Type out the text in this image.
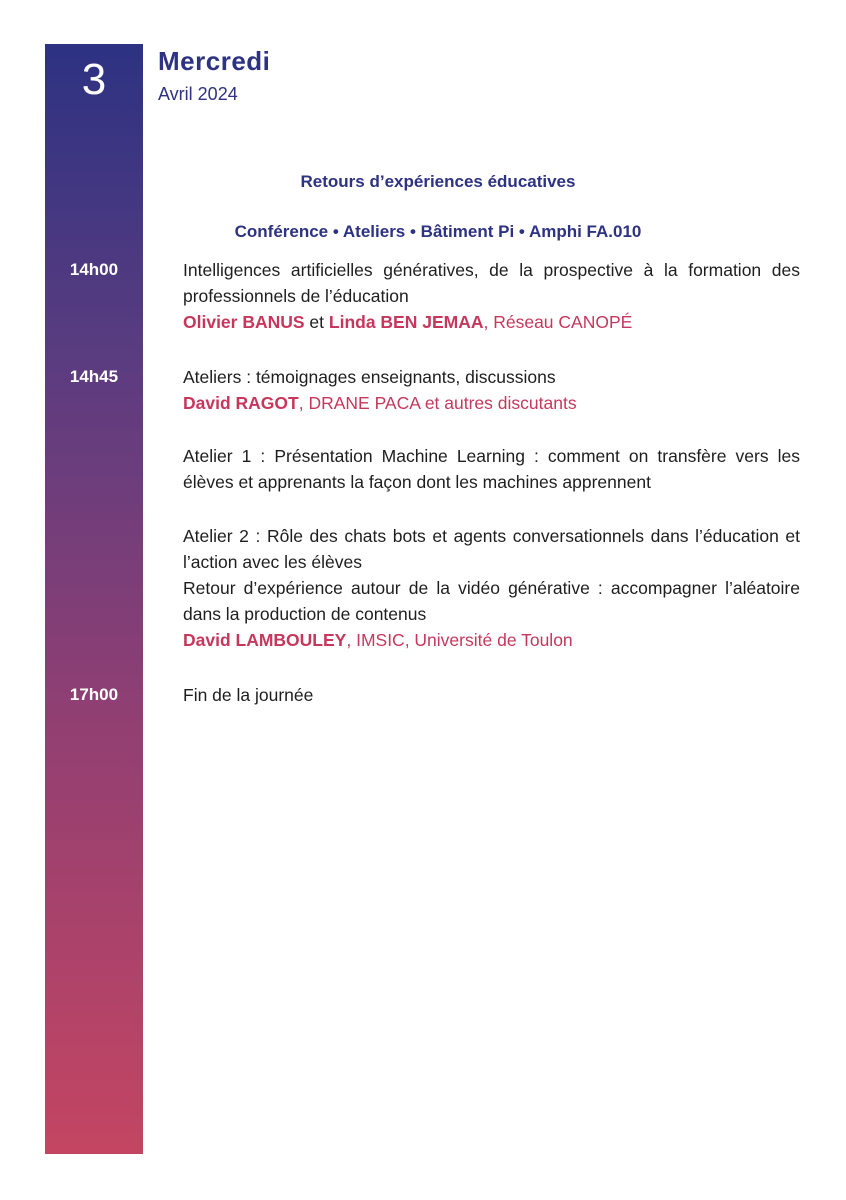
3	Mercredi
Avril 2024
Retours d’expériences éducatives
Conférence • Ateliers • Bâtiment Pi • Amphi FA.010
14h00	Intelligences artificielles génératives, de la prospective à la formation des professionnels de l’éducation

Olivier BANUS et Linda BEN JEMAA, Réseau CANOPÉ

14h45	Ateliers : témoignages enseignants, discussions

David RAGOT, DRANE PACA et autres discutants

Atelier 1 : Présentation Machine Learning : comment on transfère vers les élèves et apprenants la façon dont les machines apprennent

Atelier 2 : Rôle des chats bots et agents conversationnels dans l’éducation et l’action avec les élèves

Retour d’expérience autour de la vidéo générative : accompagner l’aléatoire dans la production de contenus

David LAMBOULEY, IMSIC, Université de Toulon

17h00	Fin de la journée
